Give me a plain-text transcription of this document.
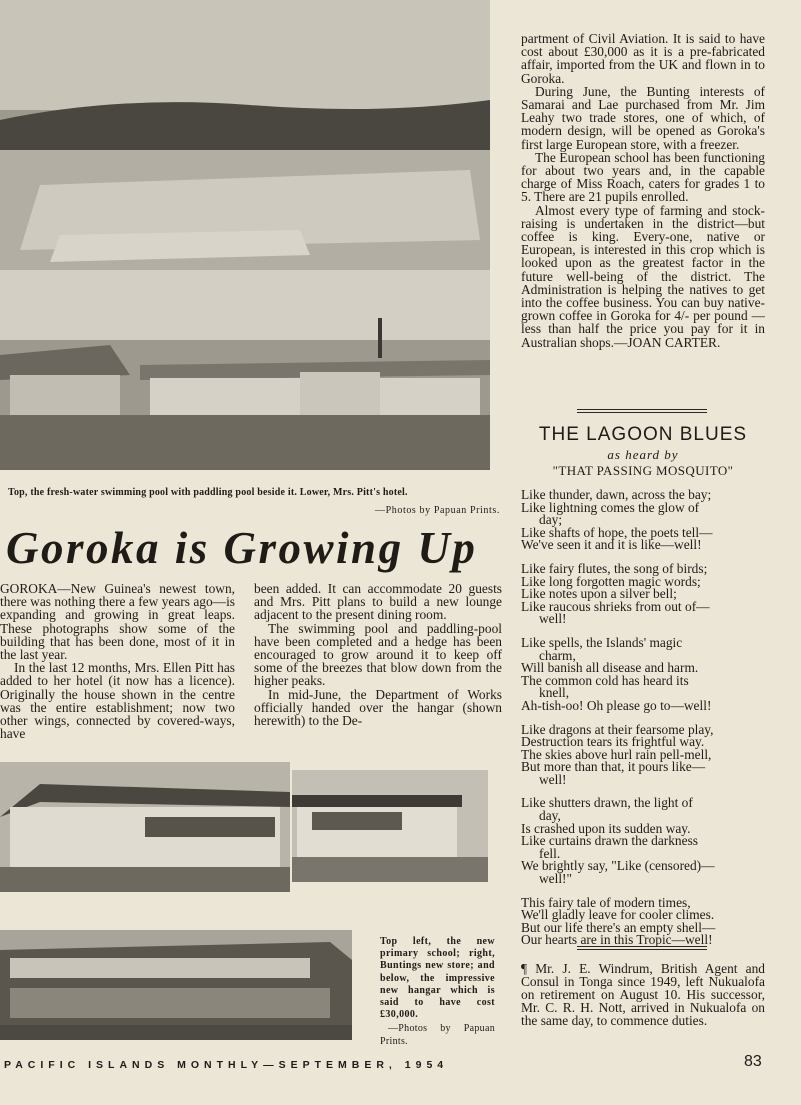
Top, the fresh-water swimming pool with paddling pool beside it. Lower, Mrs. Pitt's hotel.
—Photos by Papuan Prints.
Goroka is Growing Up

GOROKA—New Guinea's newest town, there was nothing there a few years ago—is expanding and growing in great leaps. These photographs show some of the building that has been done, most of it in the last year.

In the last 12 months, Mrs. Ellen Pitt has added to her hotel (it now has a licence). Originally the house shown in the centre was the entire establishment; now two other wings, connected by covered-ways, have

been added. It can accommodate 20 guests and Mrs. Pitt plans to build a new lounge adjacent to the present dining room.

The swimming pool and paddling-pool have been completed and a hedge has been encouraged to grow around it to keep off some of the breezes that blow down from the higher peaks.

In mid-June, the Department of Works officially handed over the hangar (shown herewith) to the De-

Top left, the new primary school; right, Buntings new store; and below, the impressive new hangar which is said to have cost £30,000.
—Photos by Papuan Prints.

partment of Civil Aviation. It is said to have cost about £30,000 as it is a pre-fabricated affair, imported from the UK and flown in to Goroka.

During June, the Bunting interests of Samarai and Lae purchased from Mr. Jim Leahy two trade stores, one of which, of modern design, will be opened as Goroka's first large European store, with a freezer.

The European school has been functioning for about two years and, in the capable charge of Miss Roach, caters for grades 1 to 5. There are 21 pupils enrolled.

Almost every type of farming and stock-raising is undertaken in the district—but coffee is king. Every-one, native or European, is interested in this crop which is looked upon as the greatest factor in the future well-being of the district. The Administration is helping the natives to get into the coffee business. You can buy native-grown coffee in Goroka for 4/- per pound —less than half the price you pay for it in Australian shops.—JOAN CARTER.

THE LAGOON BLUES
as heard by
"THAT PASSING MOSQUITO"
Like thunder, dawn, across the bay;
Like lightning comes the glow of
day;
Like shafts of hope, the poets tell—
We've seen it and it is like—well!
Like fairy flutes, the song of birds;
Like long forgotten magic words;
Like notes upon a silver bell;
Like raucous shrieks from out of—
well!
Like spells, the Islands' magic
charm,
Will banish all disease and harm.
The common cold has heard its
knell,
Ah-tish-oo! Oh please go to—well!
Like dragons at their fearsome play,
Destruction tears its frightful way.
The skies above hurl rain pell-mell,
But more than that, it pours like—
well!
Like shutters drawn, the light of
day,
Is crashed upon its sudden way.
Like curtains drawn the darkness
fell.
We brightly say, "Like (censored)—
well!"
This fairy tale of modern times,
We'll gladly leave for cooler climes.
But our life there's an empty shell—
Our hearts are in this Tropic—well!
¶ Mr. J. E. Windrum, British Agent and Consul in Tonga since 1949, left Nukualofa on retirement on August 10. His successor, Mr. C. R. H. Nott, arrived in Nukualofa on the same day, to commence duties.
PACIFIC ISLANDS MONTHLY—SEPTEMBER, 1954	83
